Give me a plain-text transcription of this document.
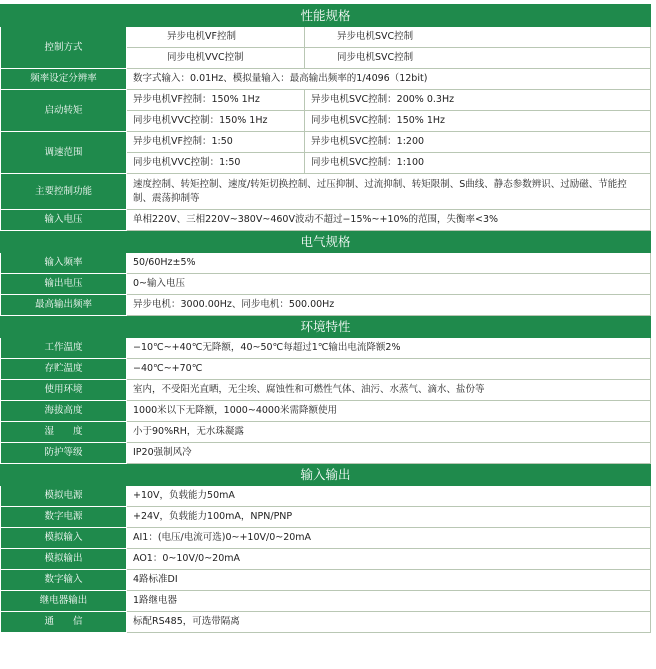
性能规格		
控制方式	异步电机VF控制	异步电机SVC控制
	同步电机VVC控制	同步电机SVC控制
频率设定分辨率	数字式输入：0.01Hz、模拟量输入：最高输出频率的1/4096（12bit)	
启动转矩	异步电机VF控制：150% 1Hz	异步电机SVC控制：200% 0.3Hz
	同步电机VVC控制：150% 1Hz	同步电机SVC控制：150% 1Hz
调速范围	异步电机VF控制：1:50	异步电机SVC控制：1:200
	同步电机VVC控制：1:50	同步电机SVC控制：1:100
主要控制功能	速度控制、转矩控制、速度/转矩切换控制、过压抑制、过流抑制、转矩限制、S曲线、静态参数辨识、过励磁、节能控制、震荡抑制等	
输入电压	单相220V、三相220V~380V~460V波动不超过−15%~+10%的范围，失衡率<3%	
电气规格		
输入频率	50/60Hz±5%	
输出电压	0~输入电压	
最高输出频率	异步电机：3000.00Hz、同步电机：500.00Hz	
环境特性		
工作温度	−10℃~+40℃无降额，40~50℃每超过1℃输出电流降额2%	
存贮温度	−40℃~+70℃	
使用环境	室内，不受阳光直晒，无尘埃、腐蚀性和可燃性气体、油污、水蒸气、滴水、盐份等	
海拔高度	1000米以下无降额，1000~4000米需降额使用	
湿　　度	小于90%RH，无水珠凝露	
防护等级	IP20强制风冷	
输入输出		
模拟电源	+10V，负载能力50mA	
数字电源	+24V，负载能力100mA，NPN/PNP	
模拟输入	AI1：(电压/电流可选)0~+10V/0~20mA	
模拟输出	AO1：0~10V/0~20mA	
数字输入	4路标准DI	
继电器输出	1路继电器	
通　　信	标配RS485，可选带隔离	
